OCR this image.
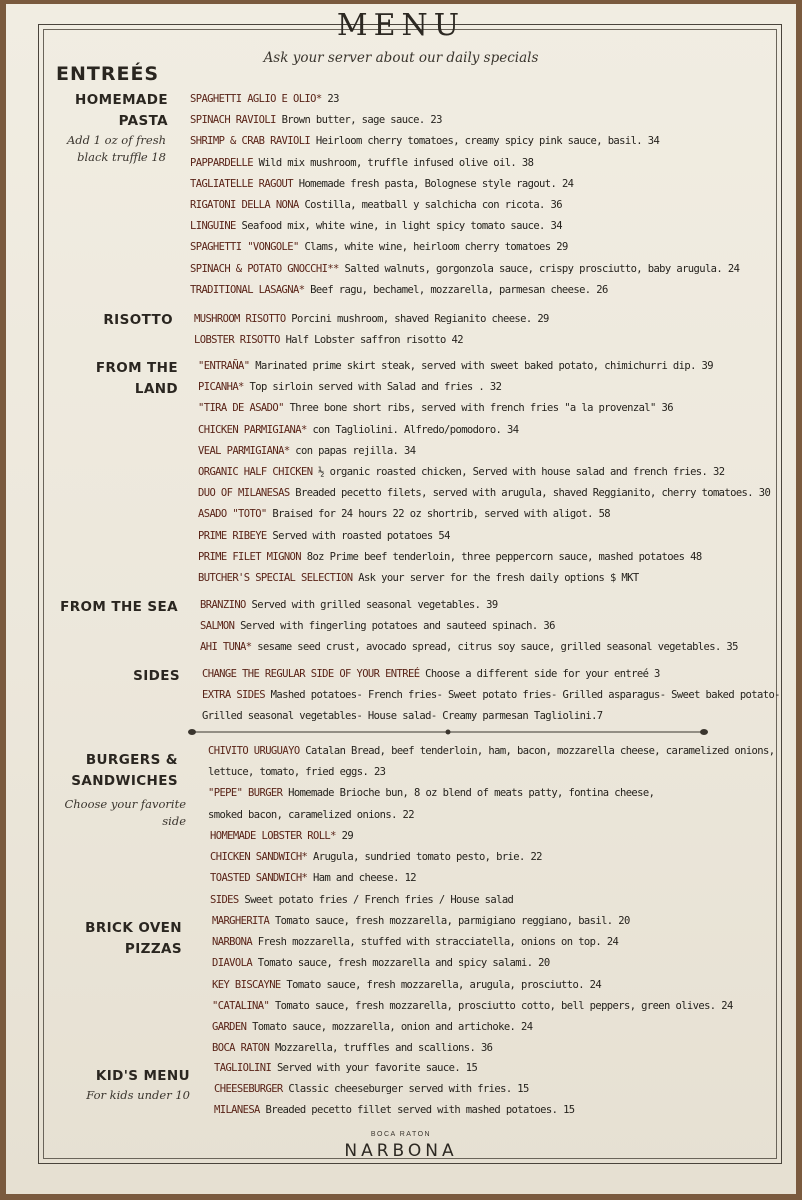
MENU
Ask your server about our daily specials
ENTREÉS
HOMEMADE PASTA
Add 1 oz of fresh black truffle 18
SPAGHETTI AGLIO E OLIO* 23
SPINACH RAVIOLI Brown butter, sage sauce. 23
SHRIMP & CRAB RAVIOLI Heirloom cherry tomatoes, creamy spicy pink sauce, basil. 34
PAPPARDELLE Wild mix mushroom, truffle infused olive oil. 38
TAGLIATELLE RAGOUT Homemade fresh pasta, Bolognese style ragout. 24
RIGATONI DELLA NONA Costilla, meatball y salchicha con ricota. 36
LINGUINE Seafood mix, white wine, in light spicy tomato sauce. 34
SPAGHETTI "VONGOLE" Clams, white wine, heirloom cherry tomatoes 29
SPINACH & POTATO GNOCCHI** Salted walnuts, gorgonzola sauce, crispy prosciutto, baby arugula. 24
TRADITIONAL LASAGNA* Beef ragu, bechamel, mozzarella, parmesan cheese. 26
RISOTTO MUSHROOM RISOTTO Porcini mushroom, shaved Regianito cheese. 29
LOBSTER RISOTTO Half Lobster saffron risotto 42
FROM THE LAND
"ENTRAÑA" Marinated prime skirt steak, served with sweet baked potato, chimichurri dip. 39
PICANHA* Top sirloin served with Salad and fries . 32
"TIRA DE ASADO" Three bone short ribs, served with french fries "a la provenzal" 36
CHICKEN PARMIGIANA* con Tagliolini. Alfredo/pomodoro. 34
VEAL PARMIGIANA* con papas rejilla. 34
ORGANIC HALF CHICKEN ½ organic roasted chicken, Served with house salad and french fries. 32
DUO OF MILANESAS Breaded pecetto filets, served with arugula, shaved Reggianito, cherry tomatoes. 30
ASADO "TOTO" Braised for 24 hours 22 oz shortrib, served with aligot. 58
PRIME RIBEYE Served with roasted potatoes 54
PRIME FILET MIGNON 8oz Prime beef tenderloin, three peppercorn sauce, mashed potatoes 48
BUTCHER'S SPECIAL SELECTION Ask your server for the fresh daily options $ MKT
FROM THE SEA BRANZINO Served with grilled seasonal vegetables. 39
SALMON Served with fingerling potatoes and sauteed spinach. 36
AHI TUNA* sesame seed crust, avocado spread, citrus soy sauce, grilled seasonal vegetables. 35
SIDES CHANGE THE REGULAR SIDE OF YOUR ENTREÉ Choose a different side for your entreé 3
EXTRA SIDES Mashed potatoes- French fries- Sweet potato fries- Grilled asparagus- Sweet baked potato-
Grilled seasonal vegetables- House salad- Creamy parmesan Tagliolini.7
BURGERS & SANDWICHES
Choose your favorite side
CHIVITO URUGUAYO Catalan Bread, beef tenderloin, ham, bacon, mozzarella cheese, caramelized onions,
lettuce, tomato, fried eggs. 23
"PEPE" BURGER Homemade Brioche bun, 8 oz blend of meats patty, fontina cheese,
smoked bacon, caramelized onions. 22
HOMEMADE LOBSTER ROLL* 29
CHICKEN SANDWICH* Arugula, sundried tomato pesto, brie. 22
TOASTED SANDWICH* Ham and cheese. 12
SIDES Sweet potato fries / French fries / House salad
BRICK OVEN PIZZAS
MARGHERITA Tomato sauce, fresh mozzarella, parmigiano reggiano, basil. 20
NARBONA Fresh mozzarella, stuffed with stracciatella, onions on top. 24
DIAVOLA Tomato sauce, fresh mozzarella and spicy salami. 20
KEY BISCAYNE Tomato sauce, fresh mozzarella, arugula, prosciutto. 24
"CATALINA" Tomato sauce, fresh mozzarella, prosciutto cotto, bell peppers, green olives. 24
GARDEN Tomato sauce, mozzarella, onion and artichoke. 24
BOCA RATON Mozzarella, truffles and scallions. 36
KID'S MENU
For kids under 10
TAGLIOLINI Served with your favorite sauce. 15
CHEESEBURGER Classic cheeseburger served with fries. 15
MILANESA Breaded pecetto fillet served with mashed potatoes. 15
BOCA RATON
NARBONA
